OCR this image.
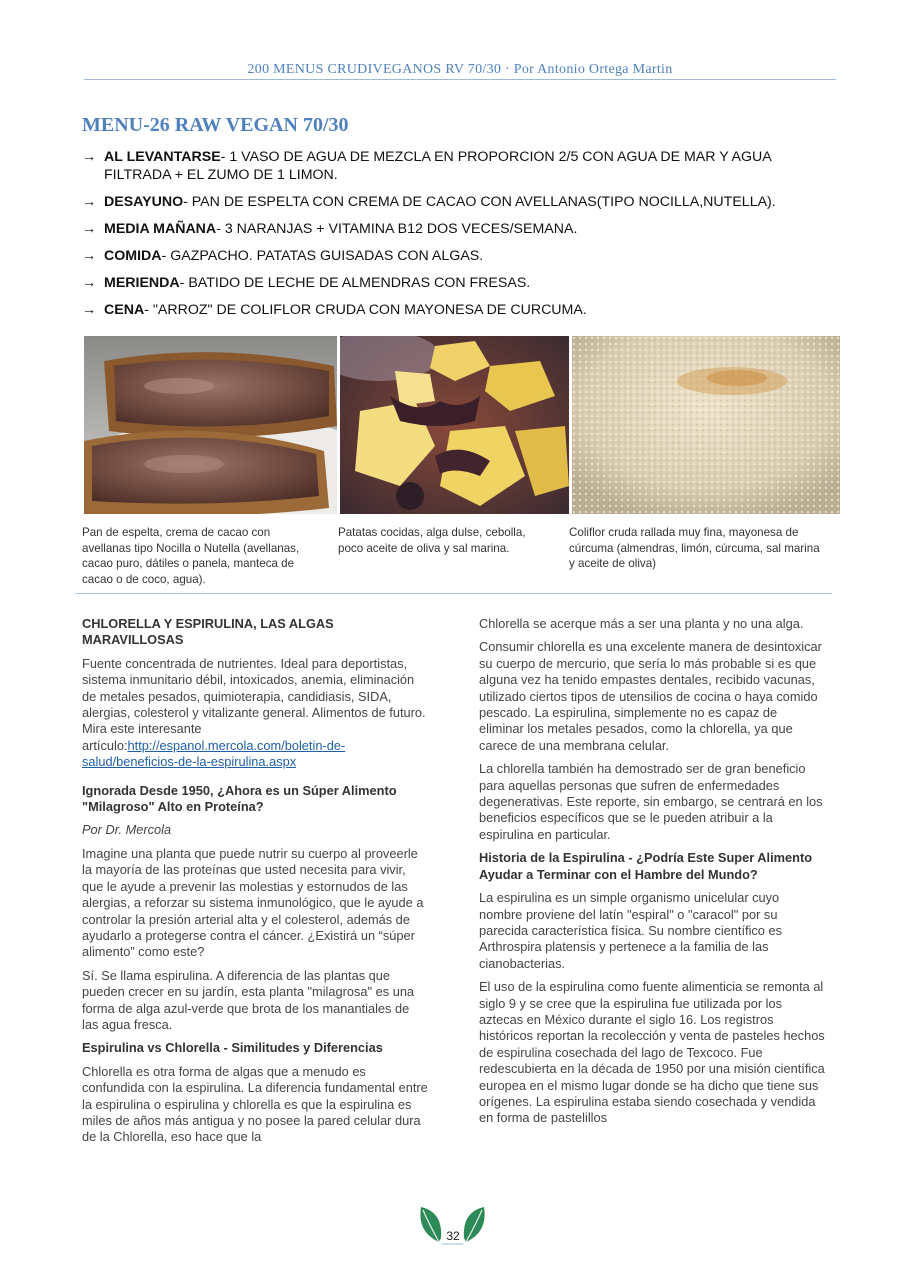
200 MENUS CRUDIVEGANOS RV 70/30 · Por Antonio Ortega Martin
MENU-26 RAW VEGAN 70/30
→ AL LEVANTARSE- 1 VASO DE AGUA DE MEZCLA EN PROPORCION 2/5 CON AGUA DE MAR Y AGUA FILTRADA + EL ZUMO DE 1 LIMON.
→ DESAYUNO- PAN DE ESPELTA CON CREMA DE CACAO CON AVELLANAS(TIPO NOCILLA,NUTELLA).
→ MEDIA MAÑANA- 3 NARANJAS + VITAMINA B12 DOS VECES/SEMANA.
→ COMIDA- GAZPACHO. PATATAS GUISADAS CON ALGAS.
→ MERIENDA- BATIDO DE LECHE DE ALMENDRAS CON FRESAS.
→ CENA- "ARROZ" DE COLIFLOR CRUDA CON MAYONESA DE CURCUMA.
Pan de espelta, crema de cacao con avellanas tipo Nocilla o Nutella (avellanas, cacao puro, dátiles o panela, manteca de cacao o de coco, agua).
Patatas cocidas, alga dulse, cebolla, poco aceite de oliva y sal marina.
Coliflor cruda rallada muy fina, mayonesa de cúrcuma (almendras, limón, cúrcuma, sal marina y aceite de oliva)
CHLORELLA Y ESPIRULINA, LAS ALGAS MARAVILLOSAS

Fuente concentrada de nutrientes. Ideal para deportistas, sistema inmunitario débil, intoxicados, anemia, eliminación de metales pesados, quimioterapia, candidiasis, SIDA, alergias, colesterol y vitalizante general. Alimentos de futuro. Mira este interesante artículo:http://espanol.mercola.com/boletin-de-salud/beneficios-de-la-espirulina.aspx

Ignorada Desde 1950, ¿Ahora es un Súper Alimento "Milagroso" Alto en Proteína?

Por Dr. Mercola

Imagine una planta que puede nutrir su cuerpo al proveerle la mayoría de las proteínas que usted necesita para vivir, que le ayude a prevenir las molestias y estornudos de las alergias, a reforzar su sistema inmunológico, que le ayude a controlar la presión arterial alta y el colesterol, además de ayudarlo a protegerse contra el cáncer. ¿Existirá un “súper alimento” como este?

Sí. Se llama espirulina. A diferencia de las plantas que pueden crecer en su jardín, esta planta "milagrosa" es una forma de alga azul-verde que brota de los manantiales de las agua fresca.

Espirulina vs Chlorella - Similitudes y Diferencias

Chlorella es otra forma de algas que a menudo es confundida con la espirulina. La diferencia fundamental entre la espirulina o espirulina y chlorella es que la espirulina es miles de años más antigua y no posee la pared celular dura de la Chlorella, eso hace que la

Chlorella se acerque más a ser una planta y no una alga.

Consumir chlorella es una excelente manera de desintoxicar su cuerpo de mercurio, que sería lo más probable si es que alguna vez ha tenido empastes dentales, recibido vacunas, utilizado ciertos tipos de utensilios de cocina o haya comido pescado. La espirulina, simplemente no es capaz de eliminar los metales pesados, como la chlorella, ya que carece de una membrana celular.

La chlorella también ha demostrado ser de gran beneficio para aquellas personas que sufren de enfermedades degenerativas. Este reporte, sin embargo, se centrará en los beneficios específicos que se le pueden atribuir a la espirulina en particular.

Historia de la Espirulina - ¿Podría Este Super Alimento Ayudar a Terminar con el Hambre del Mundo?

La espirulina es un simple organismo unicelular cuyo nombre proviene del latín "espiral" o "caracol" por su parecida característica física. Su nombre científico es Arthrospira platensis y pertenece a la familia de las cianobacterias.

El uso de la espirulina como fuente alimenticia se remonta al siglo 9 y se cree que la espirulina fue utilizada por los aztecas en México durante el siglo 16. Los registros históricos reportan la recolección y venta de pasteles hechos de espirulina cosechada del lago de Texcoco. Fue redescubierta en la década de 1950 por una misión científica europea en el mismo lugar donde se ha dicho que tiene sus orígenes. La espirulina estaba siendo cosechada y vendida en forma de pastelillos

32
